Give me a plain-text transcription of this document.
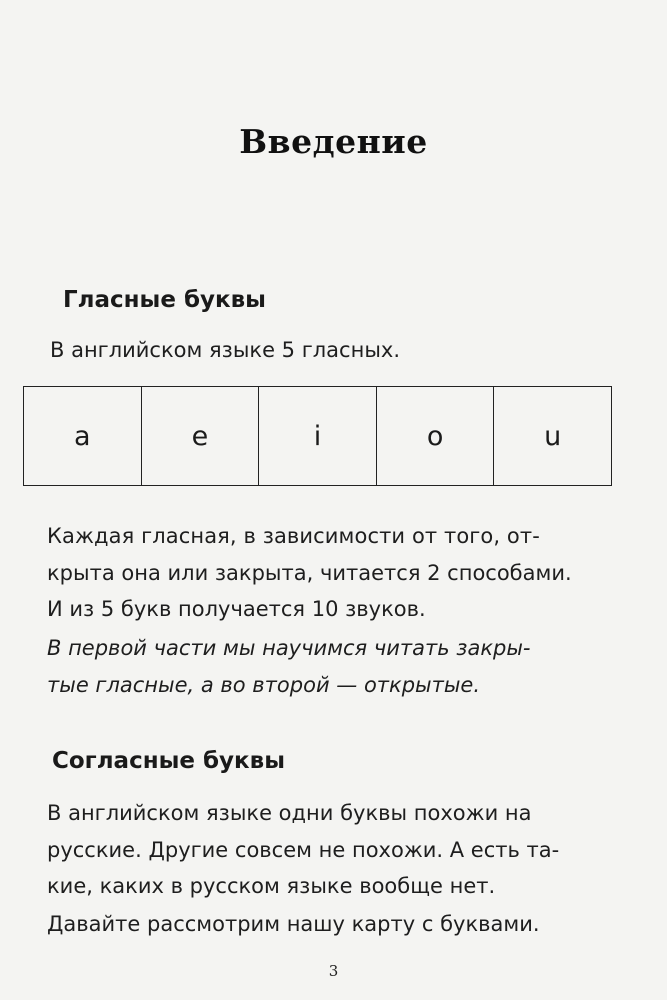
Введение
Гласные буквы
В английском языке 5 гласных.
a	e	i	o	u
Каждая гласная, в зависимости от того, от-
крыта она или закрыта, читается 2 способами.
И из 5 букв получается 10 звуков.
В первой части мы научимся читать закры-
тые гласные, а во второй — открытые.
Согласные буквы
В английском языке одни буквы похожи на
русские. Другие совсем не похожи. А есть та-
кие, каких в русском языке вообще нет.
Давайте рассмотрим нашу карту с буквами.
3
